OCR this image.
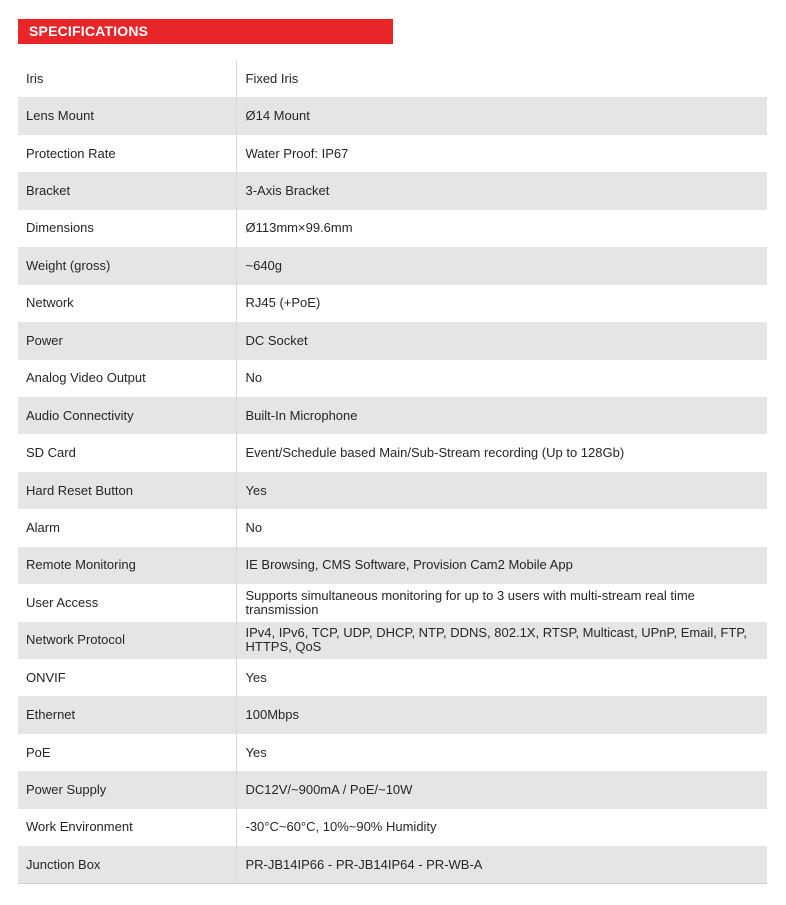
SPECIFICATIONS
Iris	Fixed Iris
Lens Mount	Ø14 Mount
Protection Rate	Water Proof: IP67
Bracket	3-Axis Bracket
Dimensions	Ø113mm×99.6mm
Weight (gross)	~640g
Network	RJ45 (+PoE)
Power	DC Socket
Analog Video Output	No
Audio Connectivity	Built-In Microphone
SD Card	Event/Schedule based Main/Sub-Stream recording (Up to 128Gb)
Hard Reset Button	Yes
Alarm	No
Remote Monitoring	IE Browsing, CMS Software, Provision Cam2 Mobile App
User Access	Supports simultaneous monitoring for up to 3 users with multi-stream real time transmission
Network Protocol	IPv4, IPv6, TCP, UDP, DHCP, NTP, DDNS, 802.1X, RTSP, Multicast, UPnP, Email, FTP, HTTPS, QoS
ONVIF	Yes
Ethernet	100Mbps
PoE	Yes
Power Supply	DC12V/~900mA / PoE/~10W
Work Environment	-30°C~60°C, 10%~90% Humidity
Junction Box	PR-JB14IP66 - PR-JB14IP64 - PR-WB-A
